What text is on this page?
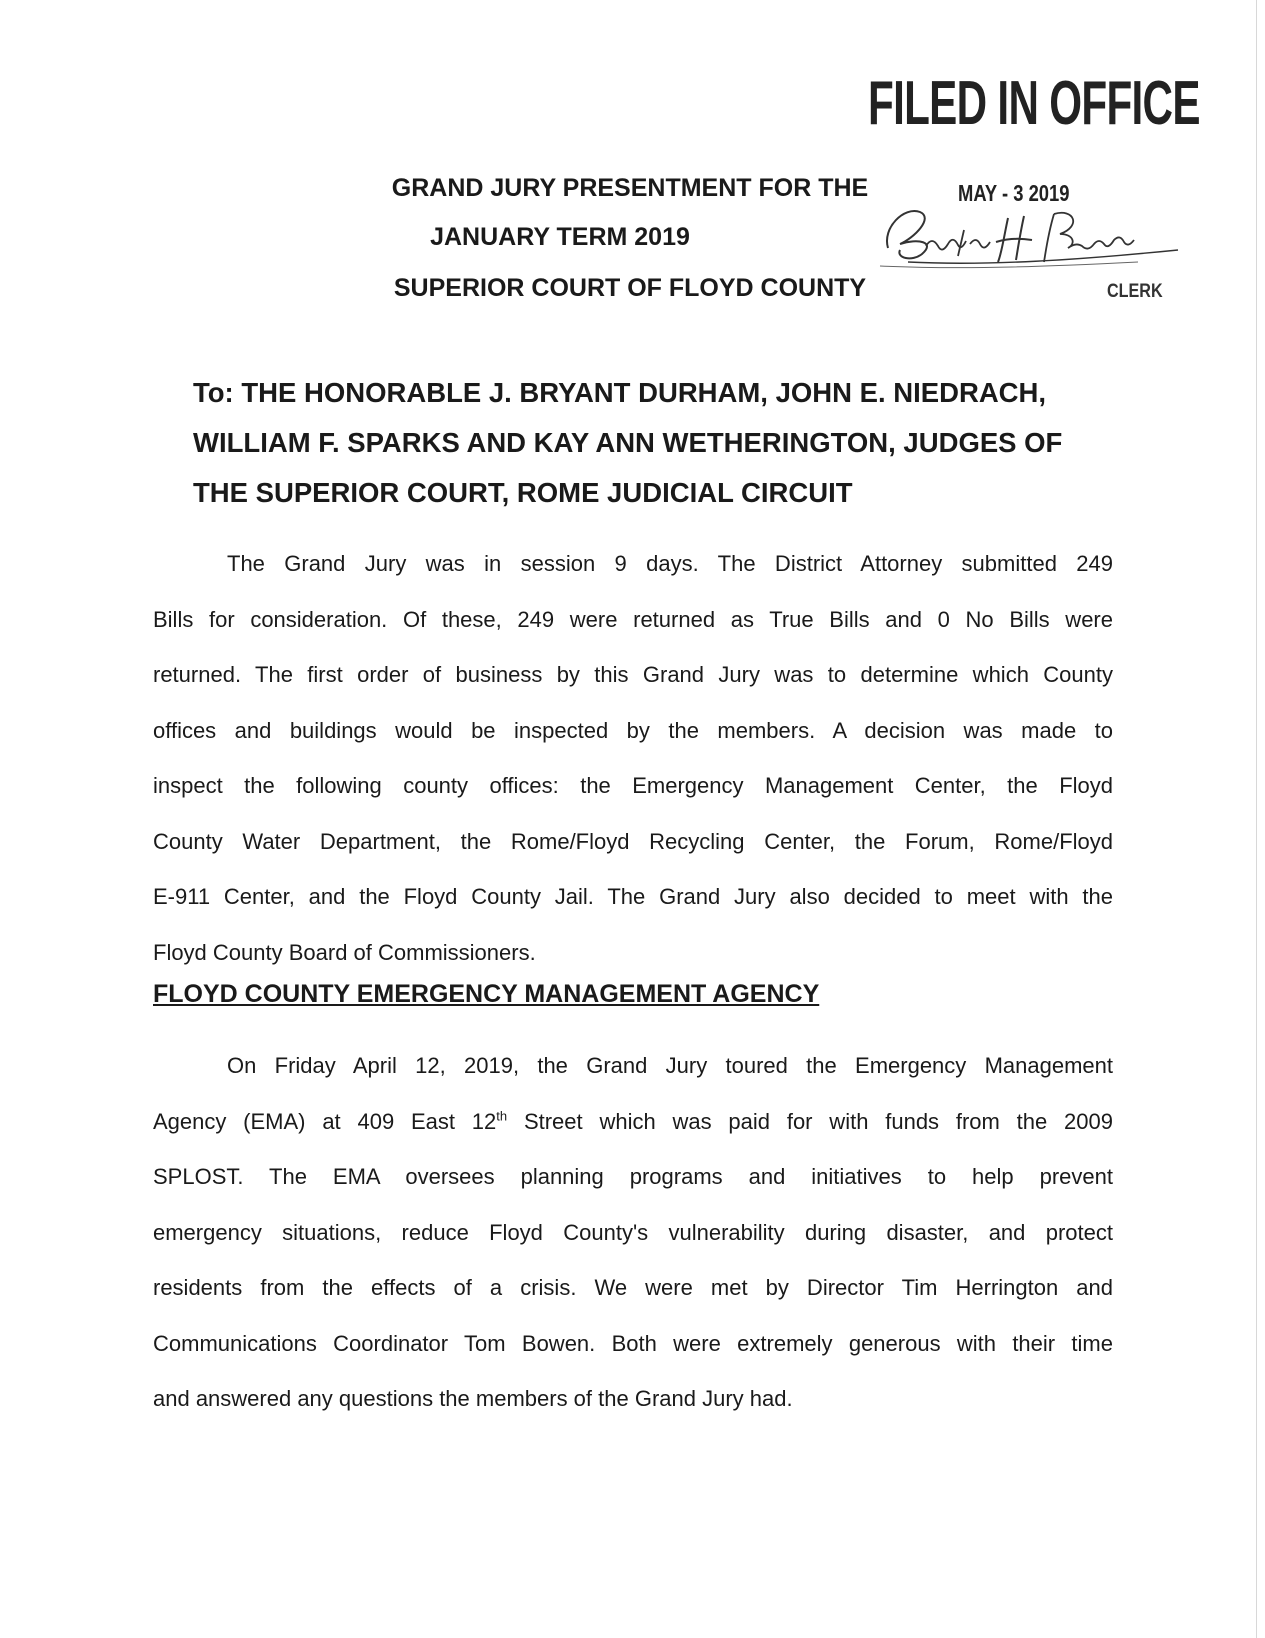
FILED IN OFFICE
MAY - 3 2019
CLERK
GRAND JURY PRESENTMENT FOR THE
JANUARY TERM 2019
SUPERIOR COURT OF FLOYD COUNTY
To: THE HONORABLE J. BRYANT DURHAM, JOHN E. NIEDRACH,
WILLIAM F. SPARKS AND KAY ANN WETHERINGTON, JUDGES OF
THE SUPERIOR COURT, ROME JUDICIAL CIRCUIT
The Grand Jury was in session 9 days. The District Attorney submitted 249
Bills for consideration. Of these, 249 were returned as True Bills and 0 No Bills were
returned. The first order of business by this Grand Jury was to determine which County
offices and buildings would be inspected by the members. A decision was made to
inspect the following county offices: the Emergency Management Center, the Floyd
County Water Department, the Rome/Floyd Recycling Center, the Forum, Rome/Floyd
E-911 Center, and the Floyd County Jail. The Grand Jury also decided to meet with the
Floyd County Board of Commissioners.
FLOYD COUNTY EMERGENCY MANAGEMENT AGENCY
On Friday April 12, 2019, the Grand Jury toured the Emergency Management
Agency (EMA) at 409 East 12th Street which was paid for with funds from the 2009
SPLOST. The EMA oversees planning programs and initiatives to help prevent
emergency situations, reduce Floyd County's vulnerability during disaster, and protect
residents from the effects of a crisis. We were met by Director Tim Herrington and
Communications Coordinator Tom Bowen. Both were extremely generous with their time
and answered any questions the members of the Grand Jury had.
